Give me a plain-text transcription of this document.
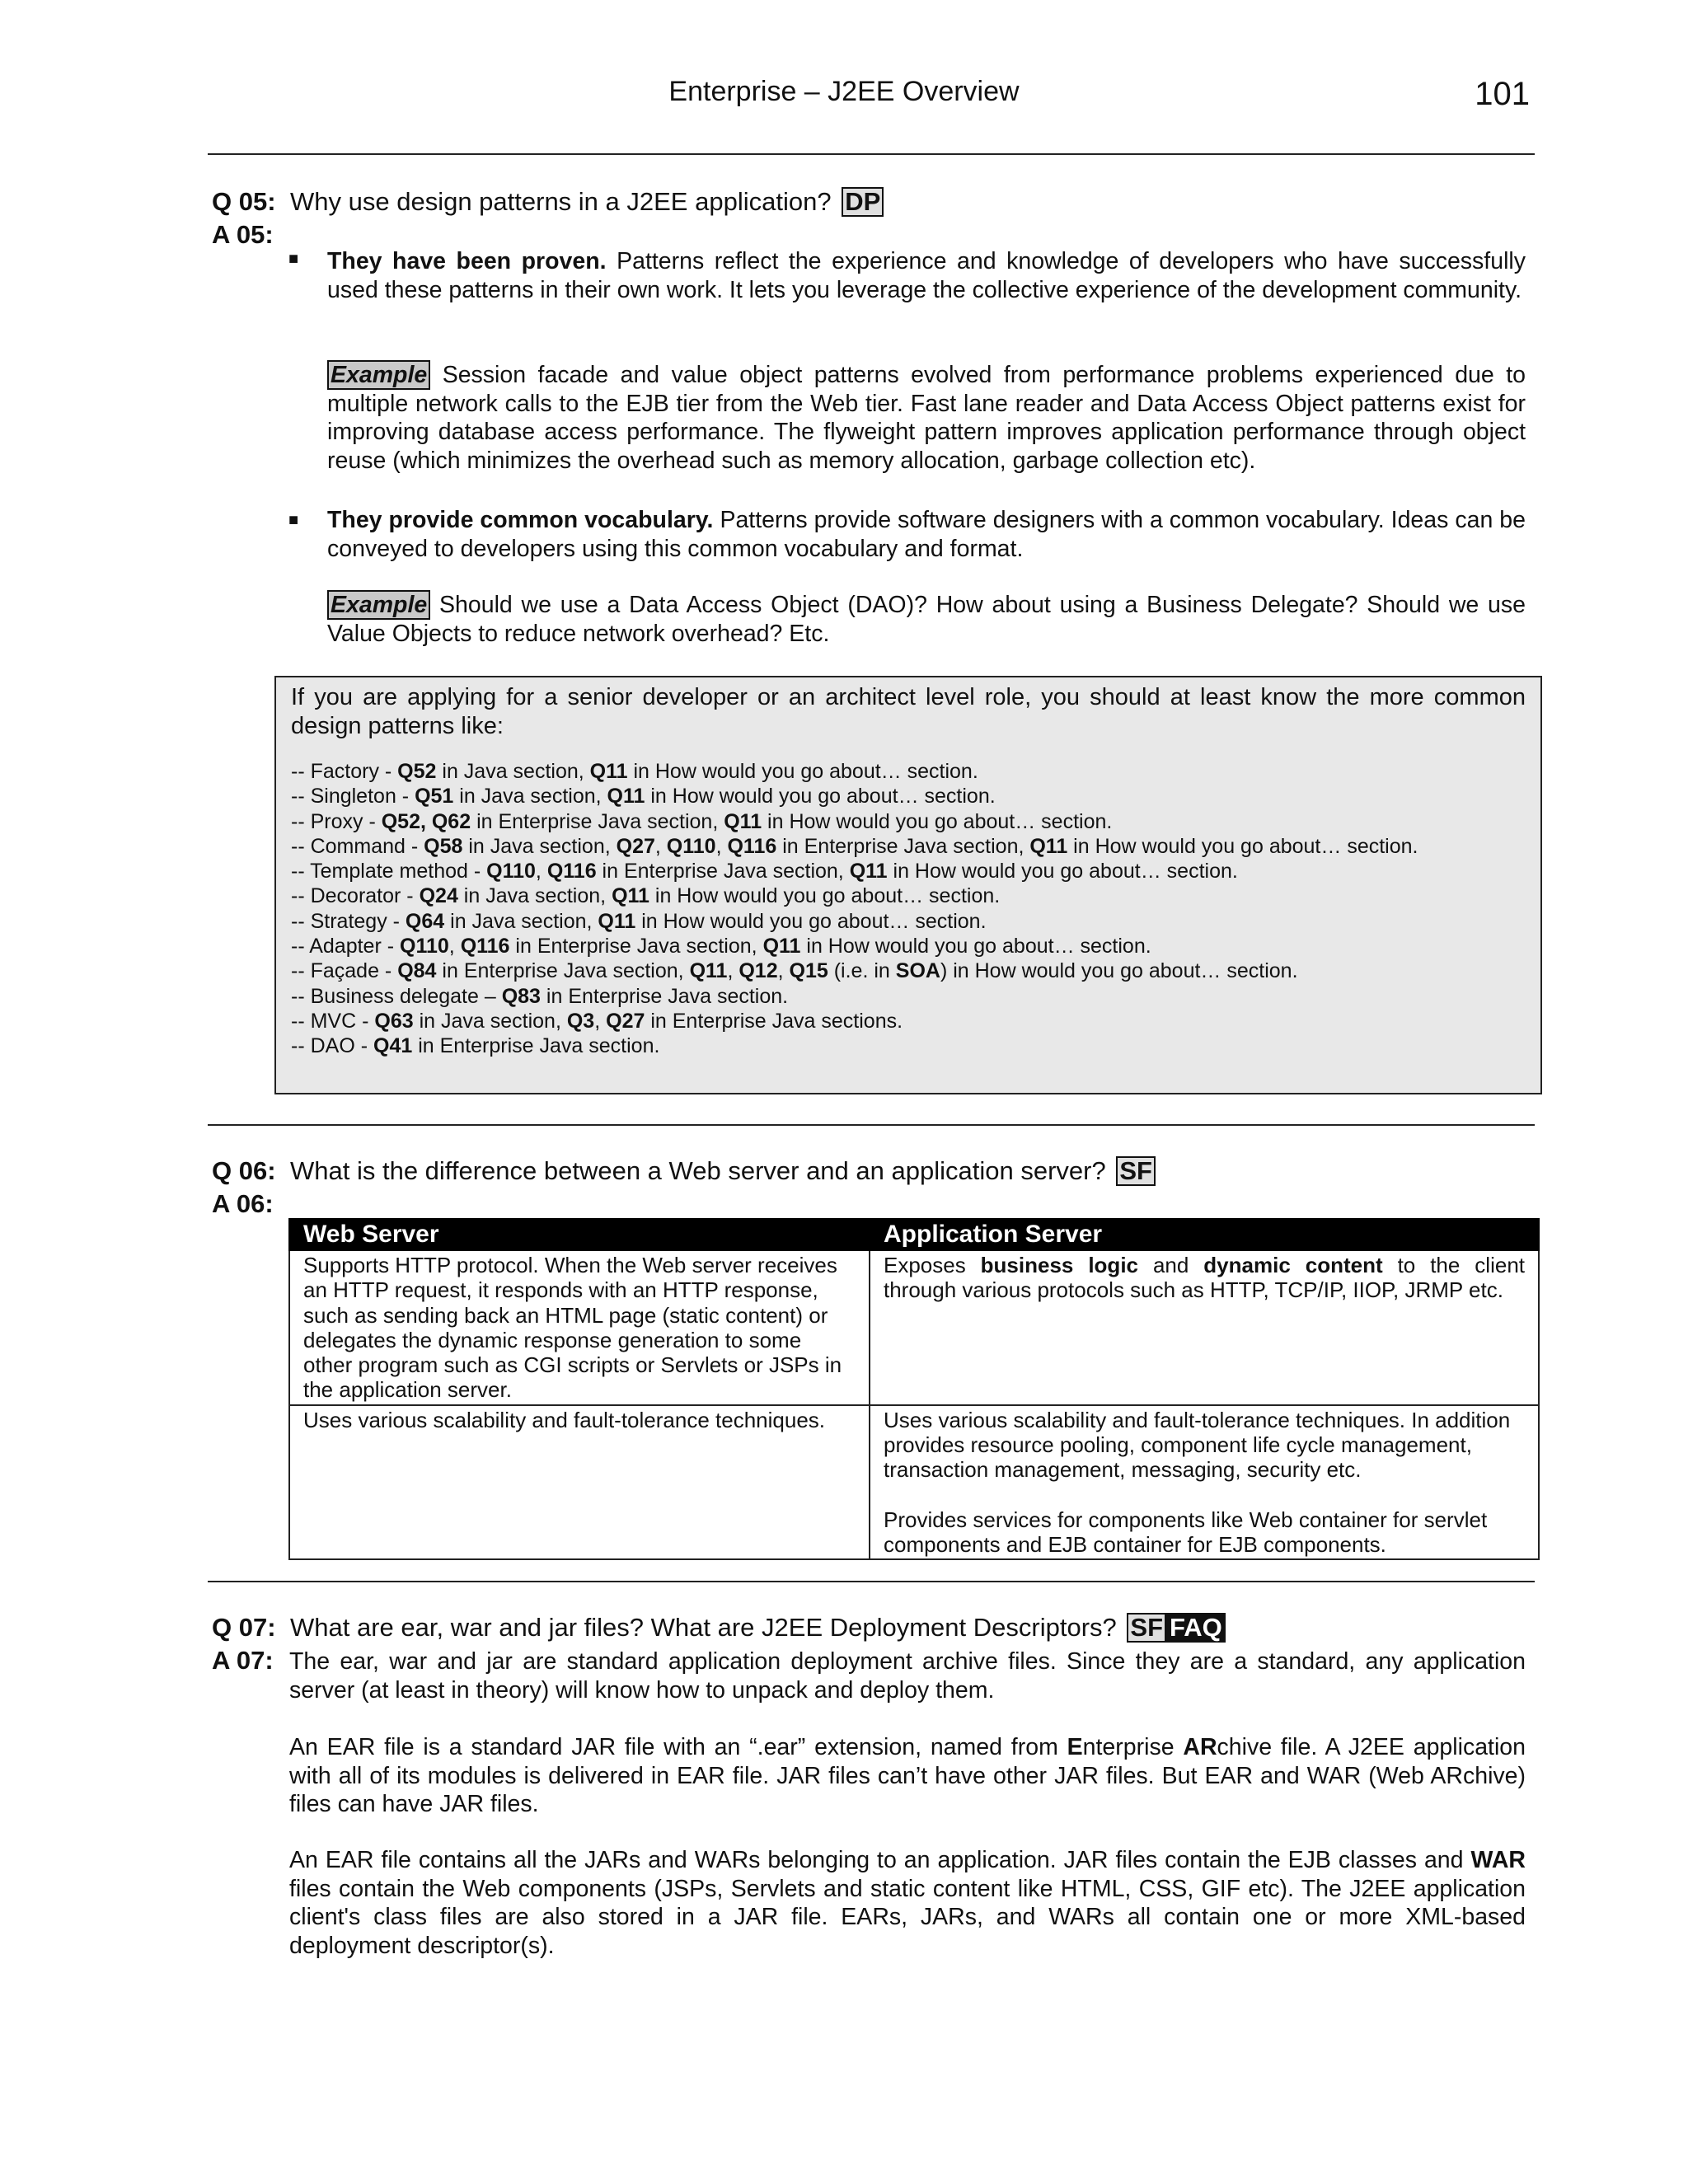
Enterprise – J2EE Overview	101
Q 05: Why use design patterns in a J2EE application? DP
A 05:
■ They have been proven. Patterns reflect the experience and knowledge of developers who have successfully used these patterns in their own work. It lets you leverage the collective experience of the development community.
Example Session facade and value object patterns evolved from performance problems experienced due to multiple network calls to the EJB tier from the Web tier. Fast lane reader and Data Access Object patterns exist for improving database access performance. The flyweight pattern improves application performance through object reuse (which minimizes the overhead such as memory allocation, garbage collection etc).
■ They provide common vocabulary. Patterns provide software designers with a common vocabulary. Ideas can be conveyed to developers using this common vocabulary and format.
Example Should we use a Data Access Object (DAO)? How about using a Business Delegate? Should we use Value Objects to reduce network overhead? Etc.
If you are applying for a senior developer or an architect level role, you should at least know the more common design patterns like:
-- Factory - Q52 in Java section, Q11 in How would you go about… section.
-- Singleton - Q51 in Java section, Q11 in How would you go about… section.
-- Proxy - Q52, Q62 in Enterprise Java section, Q11 in How would you go about… section.
-- Command - Q58 in Java section, Q27, Q110, Q116 in Enterprise Java section, Q11 in How would you go about… section.
-- Template method - Q110, Q116 in Enterprise Java section, Q11 in How would you go about… section.
-- Decorator - Q24 in Java section, Q11 in How would you go about… section.
-- Strategy - Q64 in Java section, Q11 in How would you go about… section.
-- Adapter - Q110, Q116 in Enterprise Java section, Q11 in How would you go about… section.
-- Façade - Q84 in Enterprise Java section, Q11, Q12, Q15 (i.e. in SOA) in How would you go about… section.
-- Business delegate – Q83 in Enterprise Java section.
-- MVC - Q63 in Java section, Q3, Q27 in Enterprise Java sections.
-- DAO - Q41 in Enterprise Java section.
Q 06: What is the difference between a Web server and an application server? SF
A 06:
Web Server	Application Server
Supports HTTP protocol. When the Web server receives an HTTP request, it responds with an HTTP response, such as sending back an HTML page (static content) or delegates the dynamic response generation to some other program such as CGI scripts or Servlets or JSPs in the application server.	Exposes business logic and dynamic content to the client through various protocols such as HTTP, TCP/IP, IIOP, JRMP etc.
Uses various scalability and fault-tolerance techniques.	Uses various scalability and fault-tolerance techniques. In addition provides resource pooling, component life cycle management, transaction management, messaging, security etc.
Provides services for components like Web container for servlet components and EJB container for EJB components.
Q 07: What are ear, war and jar files? What are J2EE Deployment Descriptors? SF FAQ
A 07: The ear, war and jar are standard application deployment archive files. Since they are a standard, any application server (at least in theory) will know how to unpack and deploy them.
An EAR file is a standard JAR file with an “.ear” extension, named from Enterprise ARchive file. A J2EE application with all of its modules is delivered in EAR file. JAR files can’t have other JAR files. But EAR and WAR (Web ARchive) files can have JAR files.
An EAR file contains all the JARs and WARs belonging to an application. JAR files contain the EJB classes and WAR files contain the Web components (JSPs, Servlets and static content like HTML, CSS, GIF etc). The J2EE application client's class files are also stored in a JAR file. EARs, JARs, and WARs all contain one or more XML-based deployment descriptor(s).
